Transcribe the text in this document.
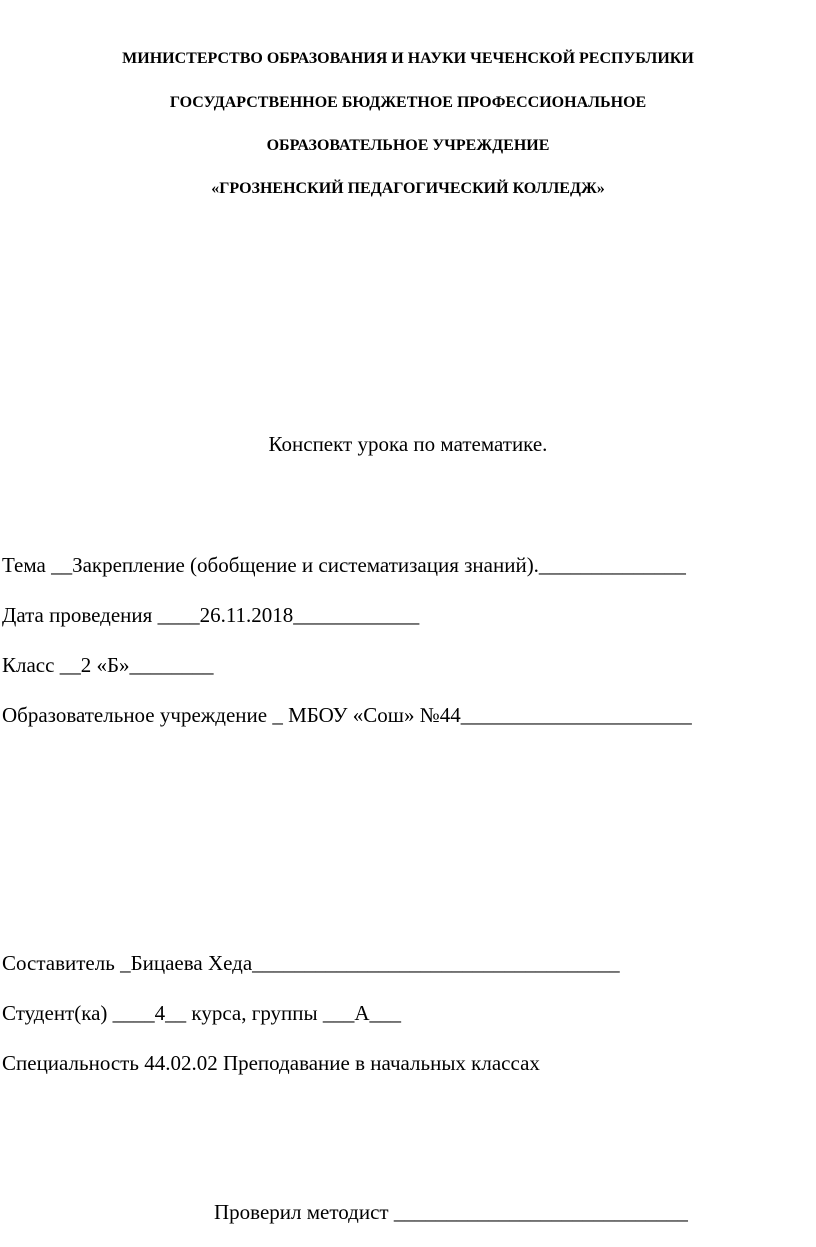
МИНИСТЕРСТВО ОБРАЗОВАНИЯ И НАУКИ ЧЕЧЕНСКОЙ РЕСПУБЛИКИ
ГОСУДАРСТВЕННОЕ БЮДЖЕТНОЕ ПРОФЕССИОНАЛЬНОЕ
ОБРАЗОВАТЕЛЬНОЕ УЧРЕЖДЕНИЕ
«ГРОЗНЕНСКИЙ ПЕДАГОГИЧЕСКИЙ КОЛЛЕДЖ»
Конспект урока по математике.
Тема __Закрепление (обобщение и систематизация знаний).______________
Дата проведения ____26.11.2018____________
Класс __2 «Б»________
Образовательное учреждение _ МБОУ «Сош» №44______________________
Составитель _Бицаева Хеда___________________________________
Студент(ка) ____4__ курса, группы ___А___
Специальность 44.02.02 Преподавание в начальных классах
Проверил методист ____________________________
